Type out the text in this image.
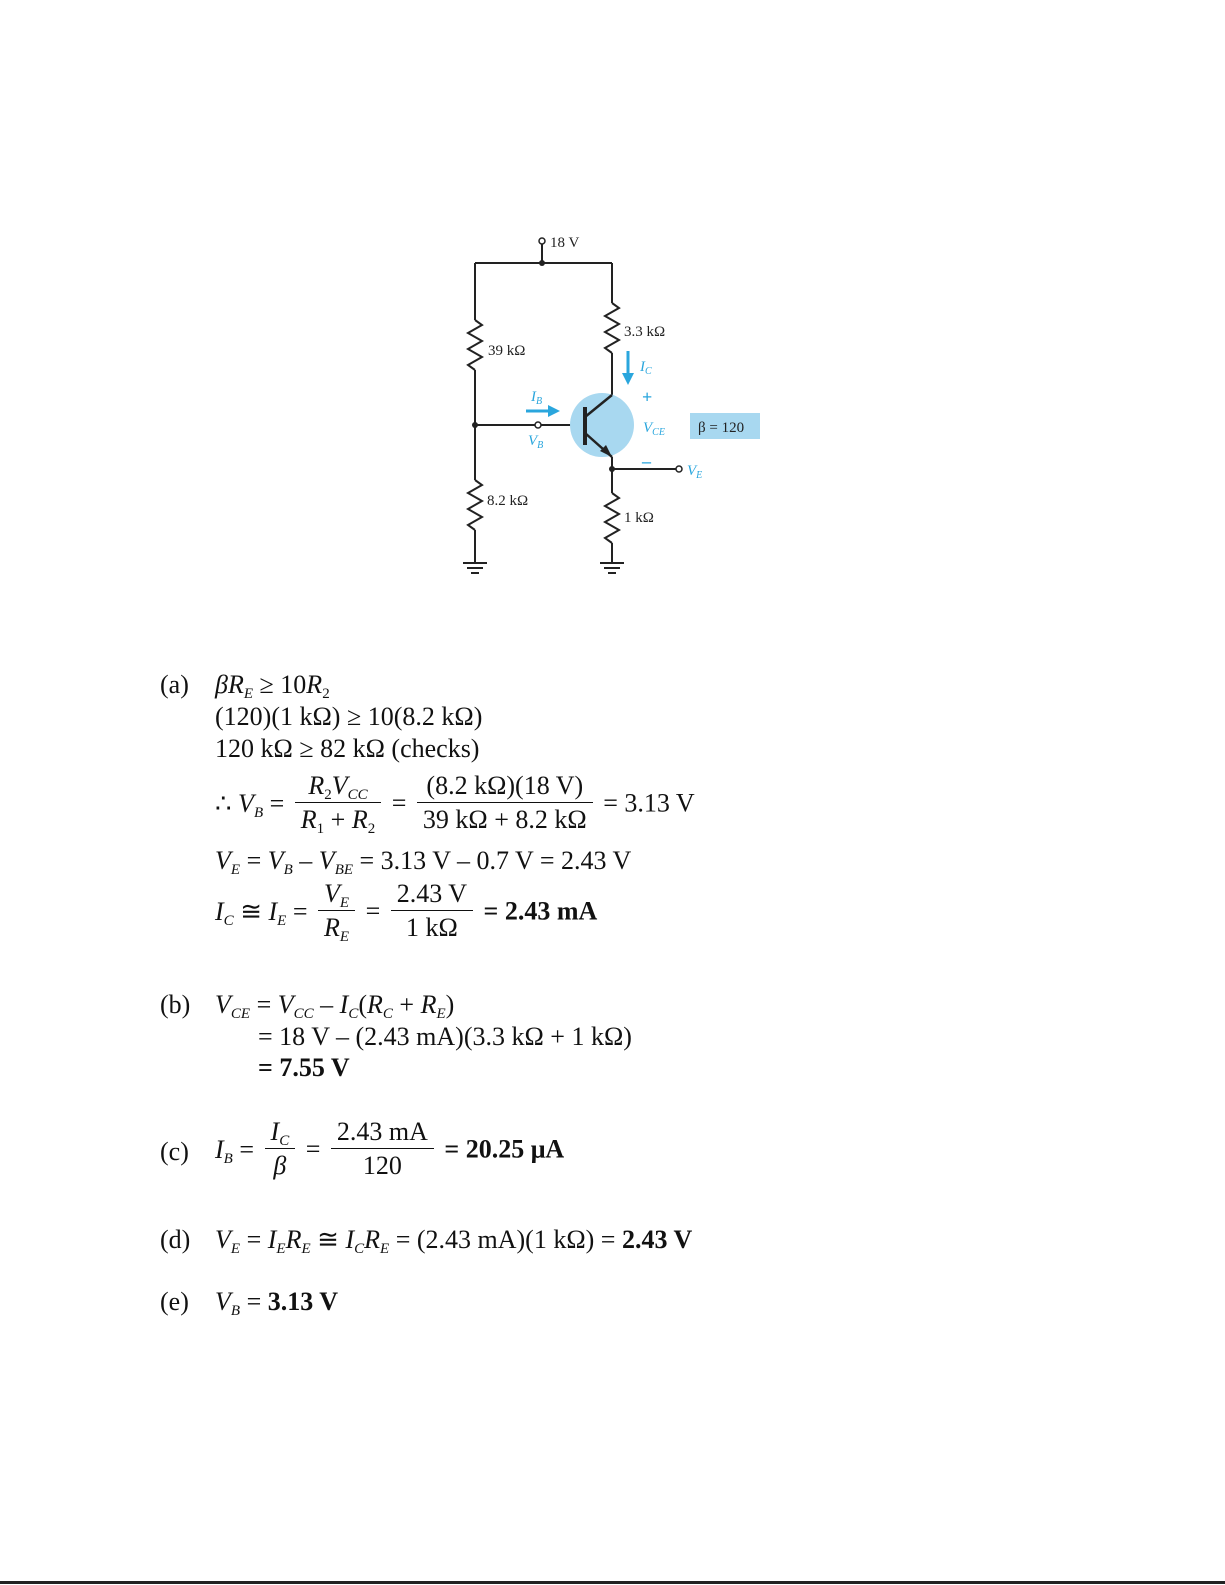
18 V
39 kΩ
8.2 kΩ
3.3 kΩ
1 kΩ
β = 120
$I_B$
$V_B$
$I_C$
$V_{CE}$
$V_E$
+
–
(a) $\beta R_E \ge 10R_2$
(120)(1 kΩ) ≥ 10(8.2 kΩ)
120 kΩ ≥ 82 kΩ (checks)
∴ $V_B = \frac{R_2V_{CC}}{R_1 + R_2} = \frac{(8.2 k\Omega)(18 V)}{39 k\Omega + 8.2 k\Omega} = 3.13$ V
$V_E = V_B - V_{BE} = 3.13$ V – 0.7 V = 2.43 V
$I_C$ ≅ $I_E = \frac{V_E}{R_E} = \frac{2.43 V}{1 k\Omega} = 2.43$ mA
(b) $V_{CE} = V_{CC} - I_C(R_C + R_E)$
= 18 V – (2.43 mA)(3.3 kΩ + 1 kΩ)
= 7.55 V
(c) $I_B = \frac{I_C}{\beta} = \frac{2.43 mA}{120} = 20.25$ μA
(d) $V_E = I_ER_E$ ≅ $I_CR_E = (2.43$ mA)(1 kΩ) = 2.43 V
(e) $V_B = 3.13$ V
